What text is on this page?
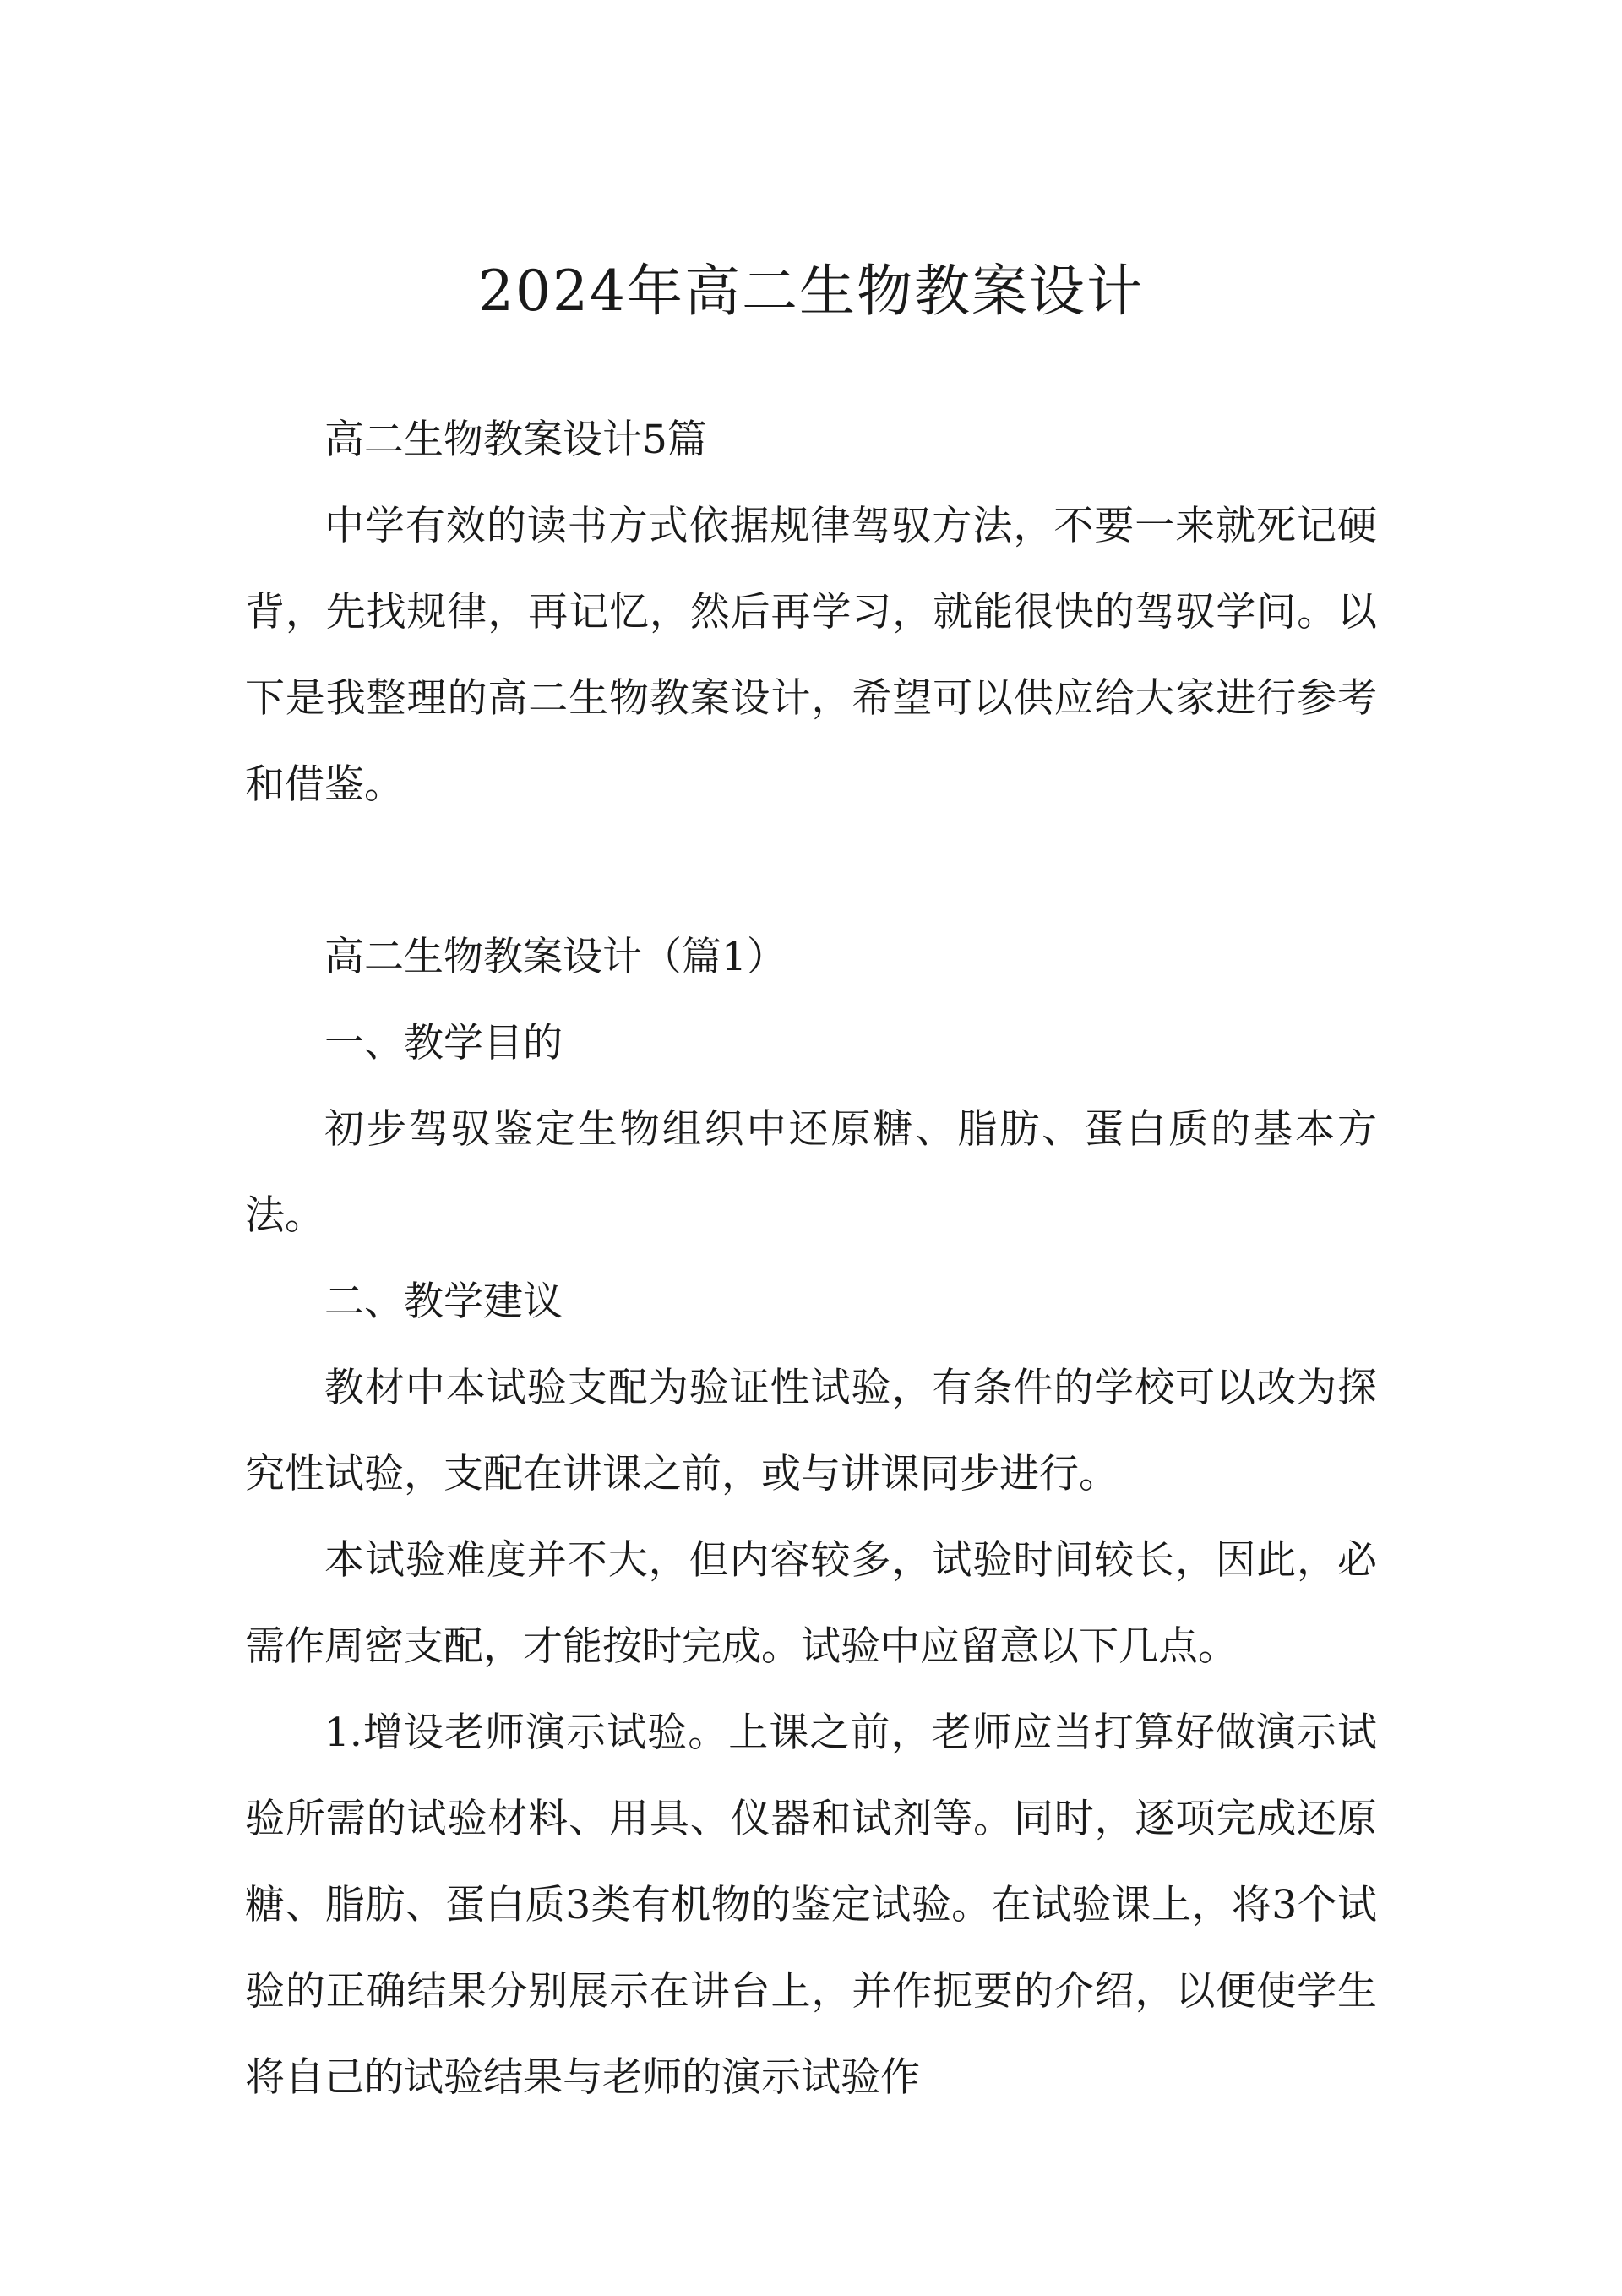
2024年高二生物教案设计

高二生物教案设计5篇

中学有效的读书方式依据规律驾驭方法，不要一来就死记硬背，先找规律，再记忆，然后再学习，就能很快的驾驭学问。以下是我整理的高二生物教案设计，希望可以供应给大家进行参考和借鉴。

高二生物教案设计（篇1）

一、教学目的

初步驾驭鉴定生物组织中还原糖、脂肪、蛋白质的基本方法。

二、教学建议

教材中本试验支配为验证性试验，有条件的学校可以改为探究性试验，支配在讲课之前，或与讲课同步进行。

本试验难度并不大，但内容较多，试验时间较长，因此，必需作周密支配，才能按时完成。试验中应留意以下几点。

1.增设老师演示试验。上课之前，老师应当打算好做演示试验所需的试验材料、用具、仪器和试剂等。同时，逐项完成还原糖、脂肪、蛋白质3类有机物的鉴定试验。在试验课上，将3个试验的正确结果分别展示在讲台上，并作扼要的介绍，以便使学生将自己的试验结果与老师的演示试验作
